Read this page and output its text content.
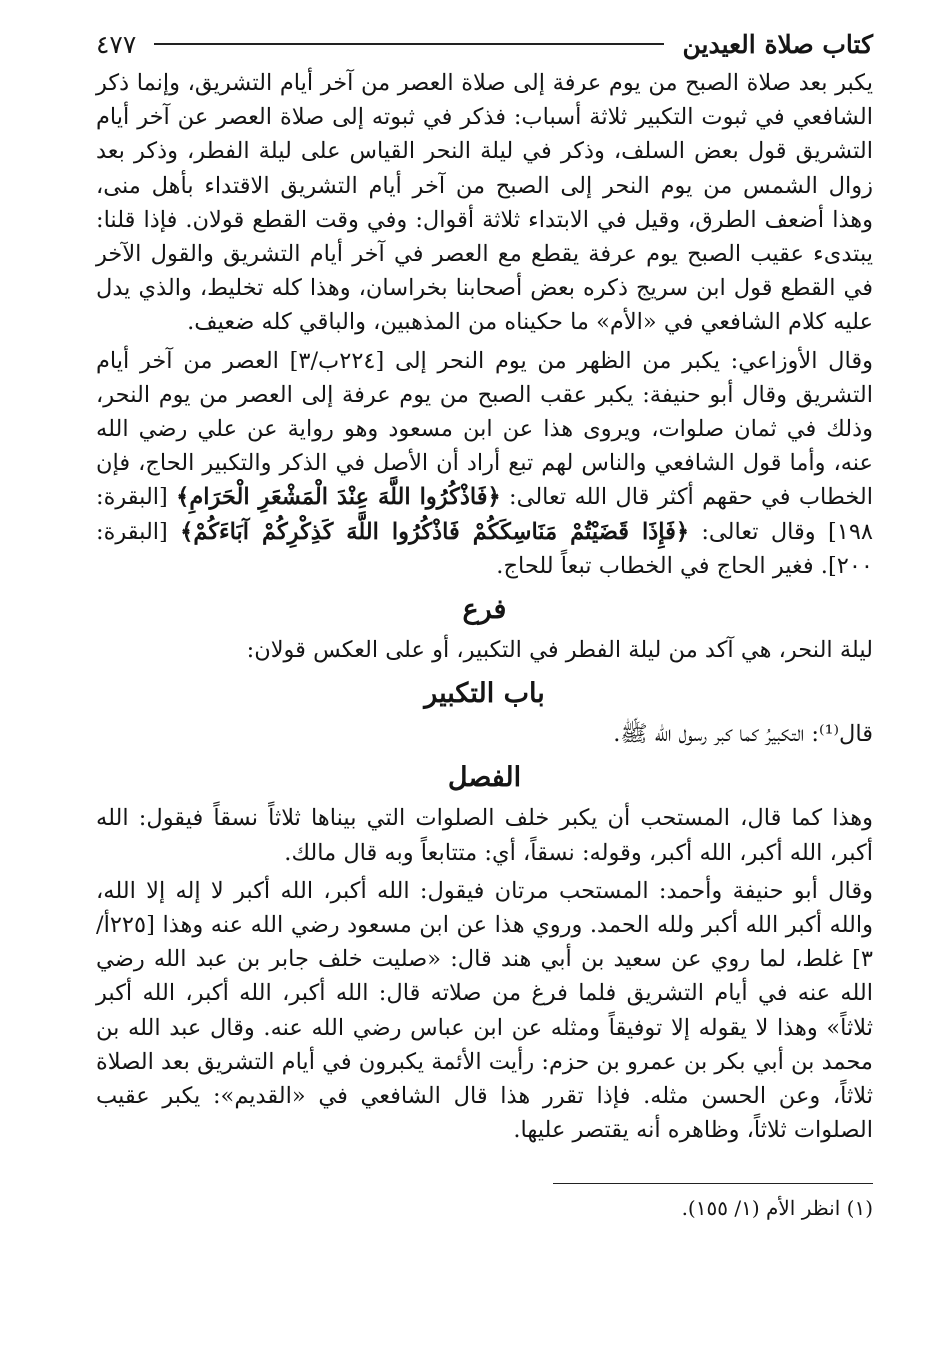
كتاب صلاة العيدين
٤٧٧

يكبر بعد صلاة الصبح من يوم عرفة إلى صلاة العصر من آخر أيام التشريق، وإنما ذكر الشافعي في ثبوت التكبير ثلاثة أسباب: فذكر في ثبوته إلى صلاة العصر عن آخر أيام التشريق قول بعض السلف، وذكر في ليلة النحر القياس على ليلة الفطر، وذكر بعد زوال الشمس من يوم النحر إلى الصبح من آخر أيام التشريق الاقتداء بأهل منى، وهذا أضعف الطرق، وقيل في الابتداء ثلاثة أقوال: وفي وقت القطع قولان. فإذا قلنا: يبتدىء عقيب الصبح يوم عرفة يقطع مع العصر في آخر أيام التشريق والقول الآخر في القطع قول ابن سريج ذكره بعض أصحابنا بخراسان، وهذا كله تخليط، والذي يدل عليه كلام الشافعي في «الأم» ما حكيناه من المذهبين، والباقي كله ضعيف.

وقال الأوزاعي: يكبر من الظهر من يوم النحر إلى [٢٢٤ب/٣] العصر من آخر أيام التشريق وقال أبو حنيفة: يكبر عقب الصبح من يوم عرفة إلى العصر من يوم النحر، وذلك في ثمان صلوات، ويروى هذا عن ابن مسعود وهو رواية عن علي رضي الله عنه، وأما قول الشافعي والناس لهم تبع أراد أن الأصل في الذكر والتكبير الحاج، فإن الخطاب في حقهم أكثر قال الله تعالى: ﴿فَاذْكُرُوا اللَّهَ عِنْدَ الْمَشْعَرِ الْحَرَامِ﴾ [البقرة: ١٩٨] وقال تعالى: ﴿فَإِذَا قَضَيْتُمْ مَنَاسِكَكُمْ فَاذْكُرُوا اللَّهَ كَذِكْرِكُمْ آبَاءَكُمْ﴾ [البقرة: ٢٠٠]. فغير الحاج في الخطاب تبعاً للحاج.

فرع

ليلة النحر، هي آكد من ليلة الفطر في التكبير، أو على العكس قولان:

باب التكبير

قال⁽¹⁾: التكبيرُ كما كبر رسول الله ﷺ.

الفصل

وهذا كما قال، المستحب أن يكبر خلف الصلوات التي بيناها ثلاثاً نسقاً فيقول: الله أكبر، الله أكبر، الله أكبر، وقوله: نسقاً، أي: متتابعاً وبه قال مالك.

وقال أبو حنيفة وأحمد: المستحب مرتان فيقول: الله أكبر، الله أكبر لا إله إلا الله، والله أكبر الله أكبر ولله الحمد. وروي هذا عن ابن مسعود رضي الله عنه وهذا [٢٢٥أ/٣] غلط، لما روي عن سعيد بن أبي هند قال: «صليت خلف جابر بن عبد الله رضي الله عنه في أيام التشريق فلما فرغ من صلاته قال: الله أكبر، الله أكبر، الله أكبر ثلاثاً» وهذا لا يقوله إلا توفيقاً ومثله عن ابن عباس رضي الله عنه. وقال عبد الله بن محمد بن أبي بكر بن عمرو بن حزم: رأيت الأئمة يكبرون في أيام التشريق بعد الصلاة ثلاثاً، وعن الحسن مثله. فإذا تقرر هذا قال الشافعي في «القديم»: يكبر عقيب الصلوات ثلاثاً، وظاهره أنه يقتصر عليها.

(١) انظر الأم (١/ ١٥٥).
